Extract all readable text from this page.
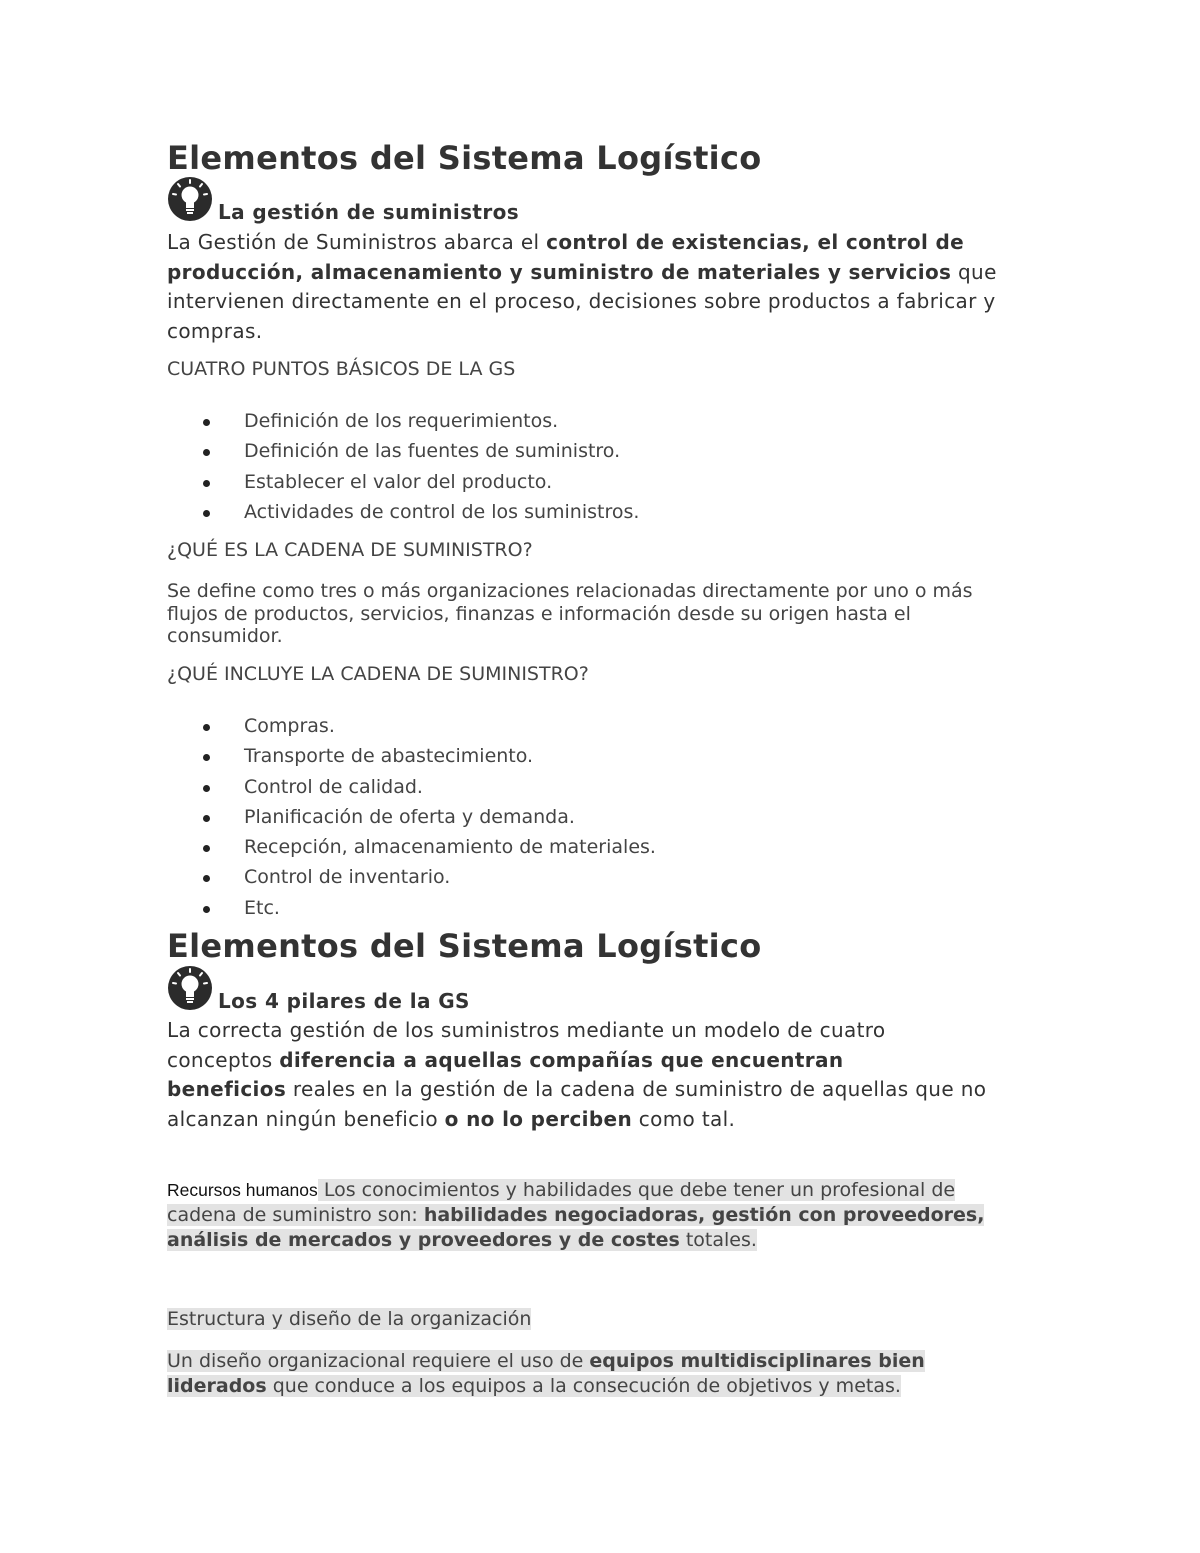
Elementos del Sistema Logístico
La gestión de suministros

La Gestión de Suministros abarca el control de existencias, el control de
producción, almacenamiento y suministro de materiales y servicios que
intervienen directamente en el proceso, decisiones sobre productos a fabricar y
compras.

CUATRO PUNTOS BÁSICOS DE LA GS
Definición de los requerimientos.
Definición de las fuentes de suministro.
Establecer el valor del producto.
Actividades de control de los suministros.
¿QUÉ ES LA CADENA DE SUMINISTRO?

Se define como tres o más organizaciones relacionadas directamente por uno o más
flujos de productos, servicios, finanzas e información desde su origen hasta el
consumidor.

¿QUÉ INCLUYE LA CADENA DE SUMINISTRO?
Compras.
Transporte de abastecimiento.
Control de calidad.
Planificación de oferta y demanda.
Recepción, almacenamiento de materiales.
Control de inventario.
Etc.
Elementos del Sistema Logístico
Los 4 pilares de la GS

La correcta gestión de los suministros mediante un modelo de cuatro
conceptos diferencia a aquellas compañías que encuentran
beneficios reales en la gestión de la cadena de suministro de aquellas que no
alcanzan ningún beneficio o no lo perciben como tal.

Recursos humanos Los conocimientos y habilidades que debe tener un profesional de
cadena de suministro son: habilidades negociadoras, gestión con proveedores,
análisis de mercados y proveedores y de costes totales.

Estructura y diseño de la organización

Un diseño organizacional requiere el uso de equipos multidisciplinares bien
liderados que conduce a los equipos a la consecución de objetivos y metas.
